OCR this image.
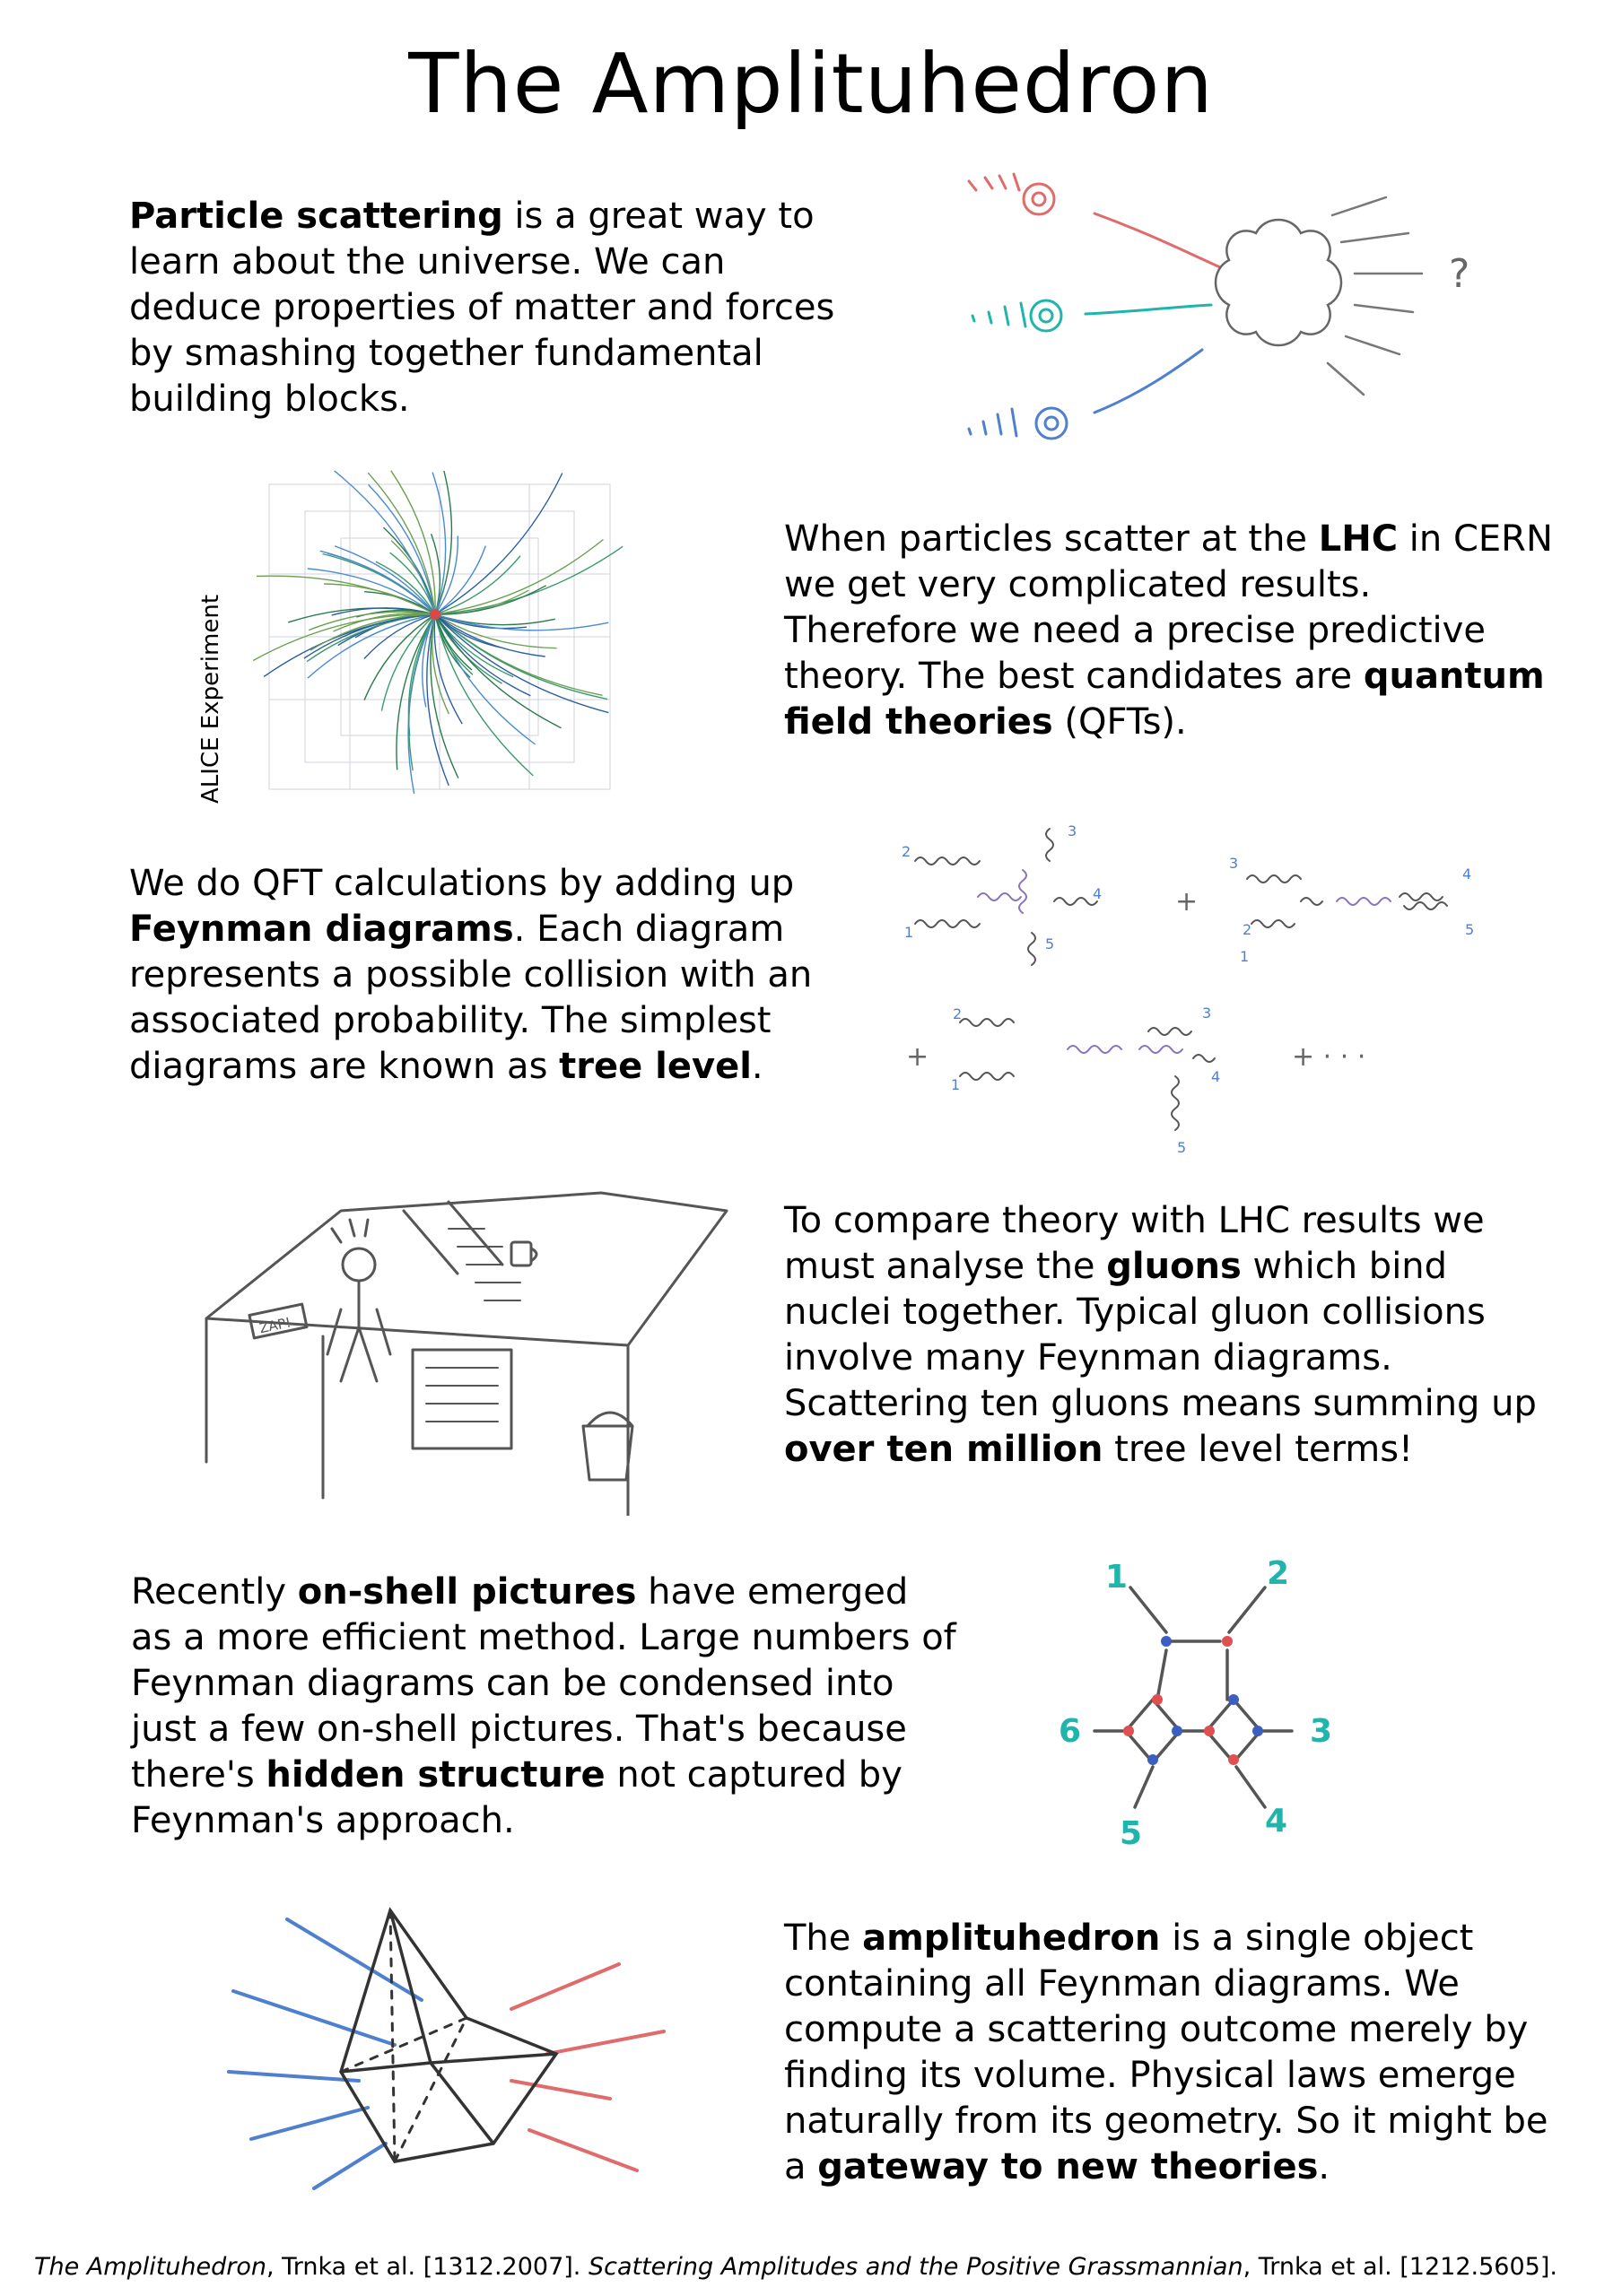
The Amplituhedron

Particle scattering is a great way to learn about the universe. We can deduce properties of matter and forces by smashing together fundamental building blocks.

When particles scatter at the LHC in CERN we get very complicated results. Therefore we need a precise predictive theory. The best candidates are quantum field theories (QFTs).

We do QFT calculations by adding up Feynman diagrams. Each diagram represents a possible collision with an associated probability. The simplest diagrams are known as tree level.

To compare theory with LHC results we must analyse the gluons which bind nuclei together. Typical gluon collisions involve many Feynman diagrams. Scattering ten gluons means summing up over ten million tree level terms!

Recently on-shell pictures have emerged as a more efficient method. Large numbers of Feynman diagrams can be condensed into just a few on-shell pictures. That's because there's hidden structure not captured by Feynman's approach.

The amplituhedron is a single object containing all Feynman diagrams. We compute a scattering outcome merely by finding its volume. Physical laws emerge naturally from its geometry. So it might be a gateway to new theories.

?
ALICE Experiment
2
1
3
4
5
3
2
1
4
5
2
1
3
4
5
+
+	+ · · ·
ZAP!
1	2
3
4
5
6
The Amplituhedron, Trnka et al. [1312.2007]. Scattering Amplitudes and the Positive Grassmannian, Trnka et al. [1212.5605].
